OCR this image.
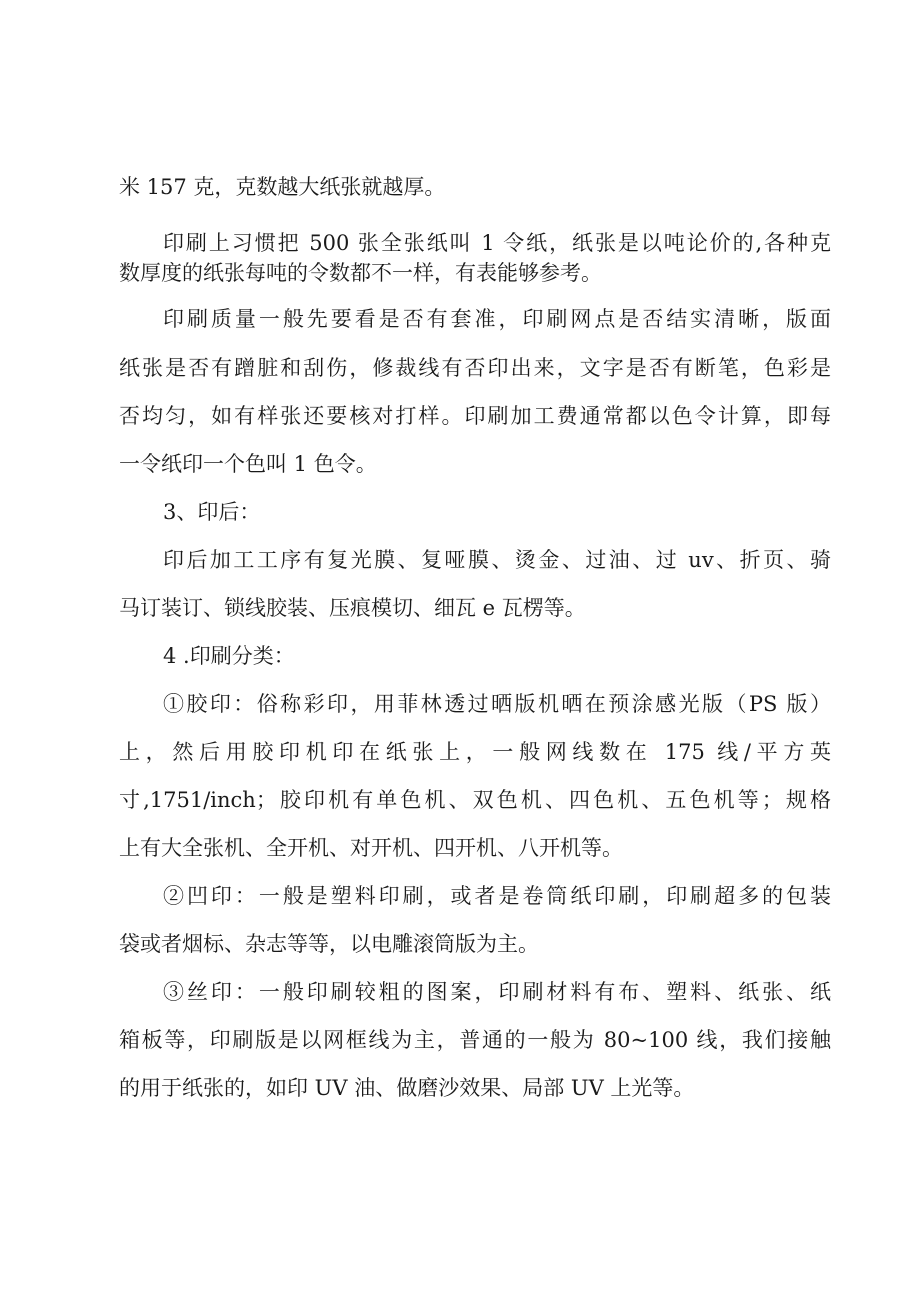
米 157 克，克数越大纸张就越厚。
印刷上习惯把 500 张全张纸叫 1 令纸，纸张是以吨论价的,各种克
数厚度的纸张每吨的令数都不一样，有表能够参考。
印刷质量一般先要看是否有套准，印刷网点是否结实清晰，版面
纸张是否有蹭脏和刮伤，修裁线有否印出来，文字是否有断笔，色彩是
否均匀，如有样张还要核对打样。印刷加工费通常都以色令计算，即每
一令纸印一个色叫 1 色令。
3、印后：
印后加工工序有复光膜、复哑膜、烫金、过油、过 uv、折页、骑
马订装订、锁线胶装、压痕模切、细瓦 e 瓦楞等。
4 .印刷分类：
①胶印：俗称彩印，用菲林透过晒版机晒在预涂感光版（PS 版）
上，然后用胶印机印在纸张上，一般网线数在 175 线/平方英
寸,1751/inch；胶印机有单色机、双色机、四色机、五色机等；规格
上有大全张机、全开机、对开机、四开机、八开机等。
②凹印：一般是塑料印刷，或者是卷筒纸印刷，印刷超多的包装
袋或者烟标、杂志等等，以电雕滚筒版为主。
③丝印：一般印刷较粗的图案，印刷材料有布、塑料、纸张、纸
箱板等，印刷版是以网框线为主，普通的一般为 80~100 线，我们接触
的用于纸张的，如印 UV 油、做磨沙效果、局部 UV 上光等。
